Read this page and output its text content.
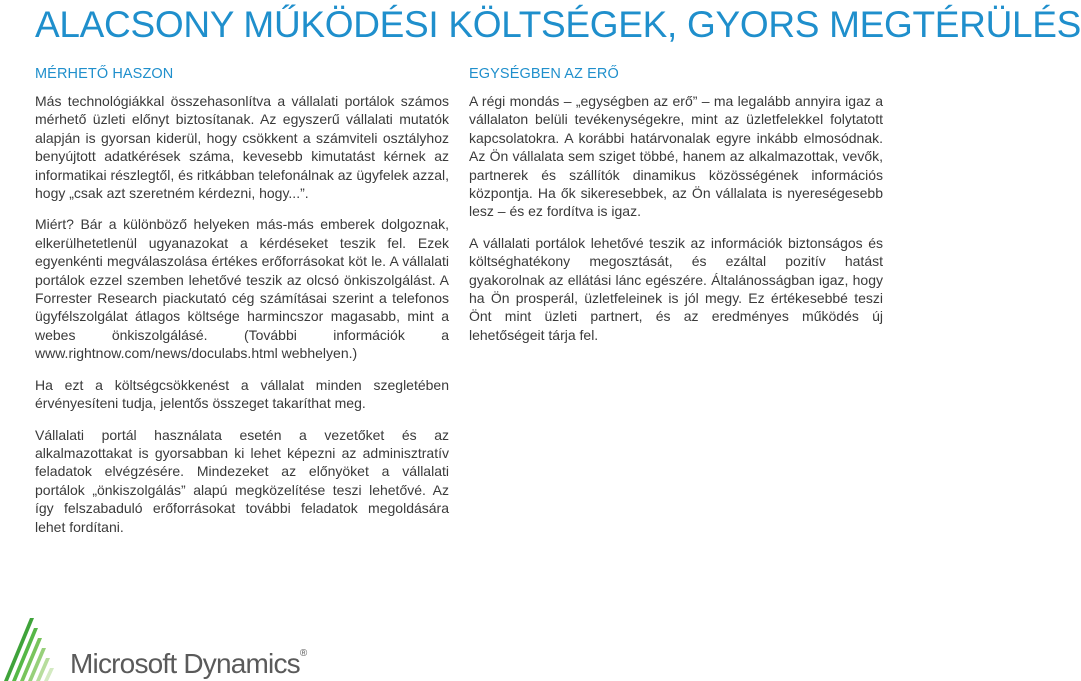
ALACSONY MŰKÖDÉSI KÖLTSÉGEK, GYORS MEGTÉRÜLÉS
MÉRHETŐ HASZON

Más technológiákkal összehasonlítva a vállalati portálok számos mérhető üzleti előnyt biztosítanak. Az egyszerű vállalati mutatók alapján is gyorsan kiderül, hogy csökkent a számviteli osztályhoz benyújtott adatkérések száma, kevesebb kimutatást kérnek az informatikai részlegtől, és ritkábban telefonálnak az ügyfelek azzal, hogy „csak azt szeretném kérdezni, hogy...”.

Miért? Bár a különböző helyeken más-más emberek dolgoznak, elkerülhetetlenül ugyanazokat a kérdéseket teszik fel. Ezek egyenkénti megválaszolása értékes erőforrásokat köt le. A vállalati portálok ezzel szemben lehetővé teszik az olcsó önkiszolgálást. A Forrester Research piackutató cég számításai szerint a telefonos ügyfélszolgálat átlagos költsége harmincszor magasabb, mint a webes önkiszolgálásé. (További információk a www.rightnow.com/news/doculabs.html webhelyen.)

Ha ezt a költségcsökkenést a vállalat minden szegletében érvényesíteni tudja, jelentős összeget takaríthat meg.

Vállalati portál használata esetén a vezetőket és az alkalmazottakat is gyorsabban ki lehet képezni az adminisztratív feladatok elvégzésére. Mindezeket az előnyöket a vállalati portálok „önkiszolgálás” alapú megközelítése teszi lehetővé. Az így felszabaduló erőforrásokat további feladatok megoldására lehet fordítani.

EGYSÉGBEN AZ ERŐ

A régi mondás – „egységben az erő” – ma legalább annyira igaz a vállalaton belüli tevékenységekre, mint az üzletfelekkel folytatott kapcsolatokra. A korábbi határvonalak egyre inkább elmosódnak. Az Ön vállalata sem sziget többé, hanem az alkalmazottak, vevők, partnerek és szállítók dinamikus közösségének információs központja. Ha ők sikeresebbek, az Ön vállalata is nyereségesebb lesz – és ez fordítva is igaz.

A vállalati portálok lehetővé teszik az információk biztonságos és költséghatékony megosztását, és ezáltal pozitív hatást gyakorolnak az ellátási lánc egészére. Általánosságban igaz, hogy ha Ön prosperál, üzletfeleinek is jól megy. Ez értékesebbé teszi Önt mint üzleti partnert, és az eredményes működés új lehetőségeit tárja fel.

Microsoft Dynamics®
